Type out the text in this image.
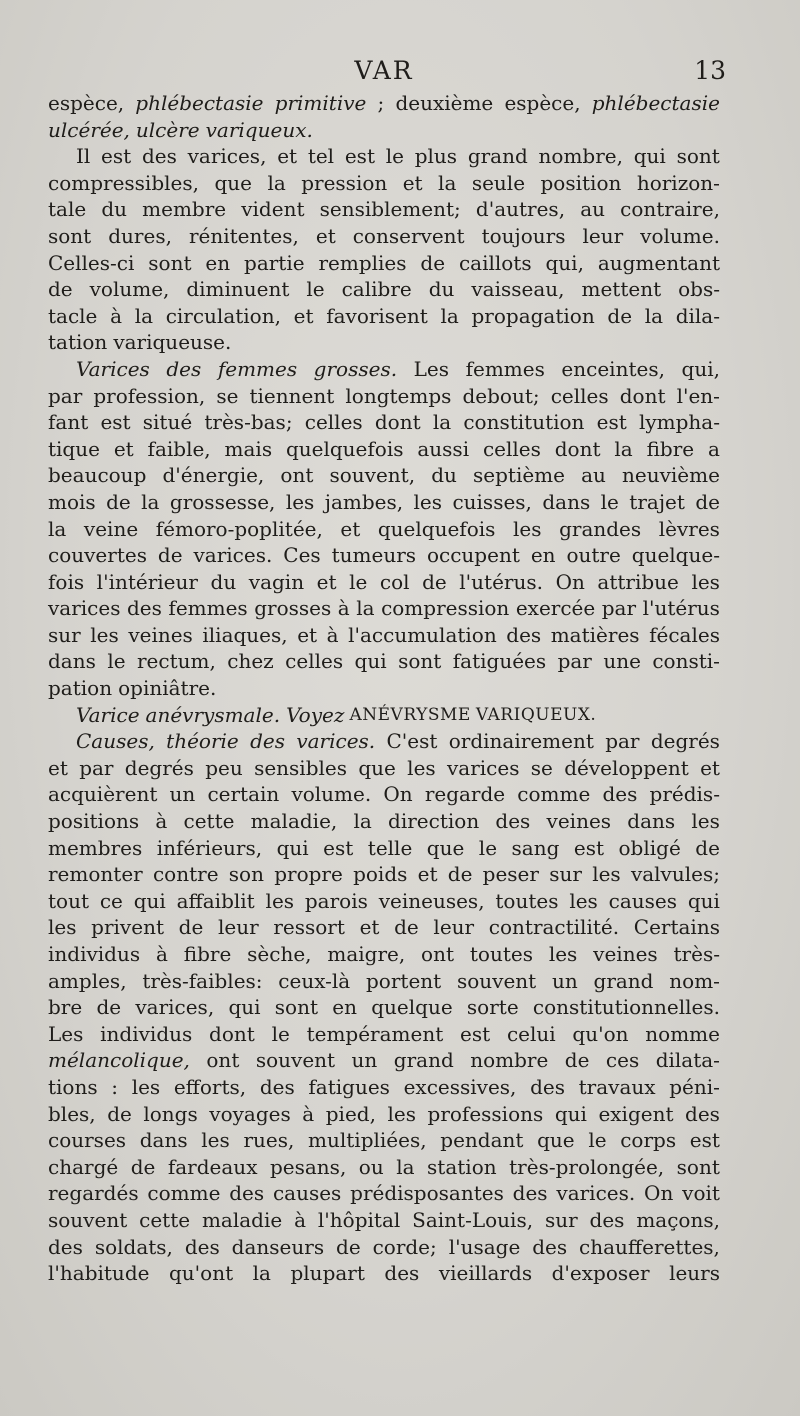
VAR	13
espèce, phlébectasie primitive ; deuxième espèce, phlébectasie
ulcérée, ulcère variqueux.
Il est des varices, et tel est le plus grand nombre, qui sont
compressibles, que la pression et la seule position horizon-
tale du membre vident sensiblement; d'autres, au contraire,
sont dures, rénitentes, et conservent toujours leur volume.
Celles-ci sont en partie remplies de caillots qui, augmentant
de volume, diminuent le calibre du vaisseau, mettent obs-
tacle à la circulation, et favorisent la propagation de la dila-
tation variqueuse.
Varices des femmes grosses. Les femmes enceintes, qui,
par profession, se tiennent longtemps debout; celles dont l'en-
fant est situé très-bas; celles dont la constitution est lympha-
tique et faible, mais quelquefois aussi celles dont la fibre a
beaucoup d'énergie, ont souvent, du septième au neuvième
mois de la grossesse, les jambes, les cuisses, dans le trajet de
la veine fémoro-poplitée, et quelquefois les grandes lèvres
couvertes de varices. Ces tumeurs occupent en outre quelque-
fois l'intérieur du vagin et le col de l'utérus. On attribue les
varices des femmes grosses à la compression exercée par l'utérus
sur les veines iliaques, et à l'accumulation des matières fécales
dans le rectum, chez celles qui sont fatiguées par une consti-
pation opiniâtre.
Varice anévrysmale. Voyez ANÉVRYSME VARIQUEUX.
Causes, théorie des varices. C'est ordinairement par degrés
et par degrés peu sensibles que les varices se développent et
acquièrent un certain volume. On regarde comme des prédis-
positions à cette maladie, la direction des veines dans les
membres inférieurs, qui est telle que le sang est obligé de
remonter contre son propre poids et de peser sur les valvules;
tout ce qui affaiblit les parois veineuses, toutes les causes qui
les privent de leur ressort et de leur contractilité. Certains
individus à fibre sèche, maigre, ont toutes les veines très-
amples, très-faibles: ceux-là portent souvent un grand nom-
bre de varices, qui sont en quelque sorte constitutionnelles.
Les individus dont le tempérament est celui qu'on nomme
mélancolique, ont souvent un grand nombre de ces dilata-
tions : les efforts, des fatigues excessives, des travaux péni-
bles, de longs voyages à pied, les professions qui exigent des
courses dans les rues, multipliées, pendant que le corps est
chargé de fardeaux pesans, ou la station très-prolongée, sont
regardés comme des causes prédisposantes des varices. On voit
souvent cette maladie à l'hôpital Saint-Louis, sur des maçons,
des soldats, des danseurs de corde; l'usage des chaufferettes,
l'habitude qu'ont la plupart des vieillards d'exposer leurs
